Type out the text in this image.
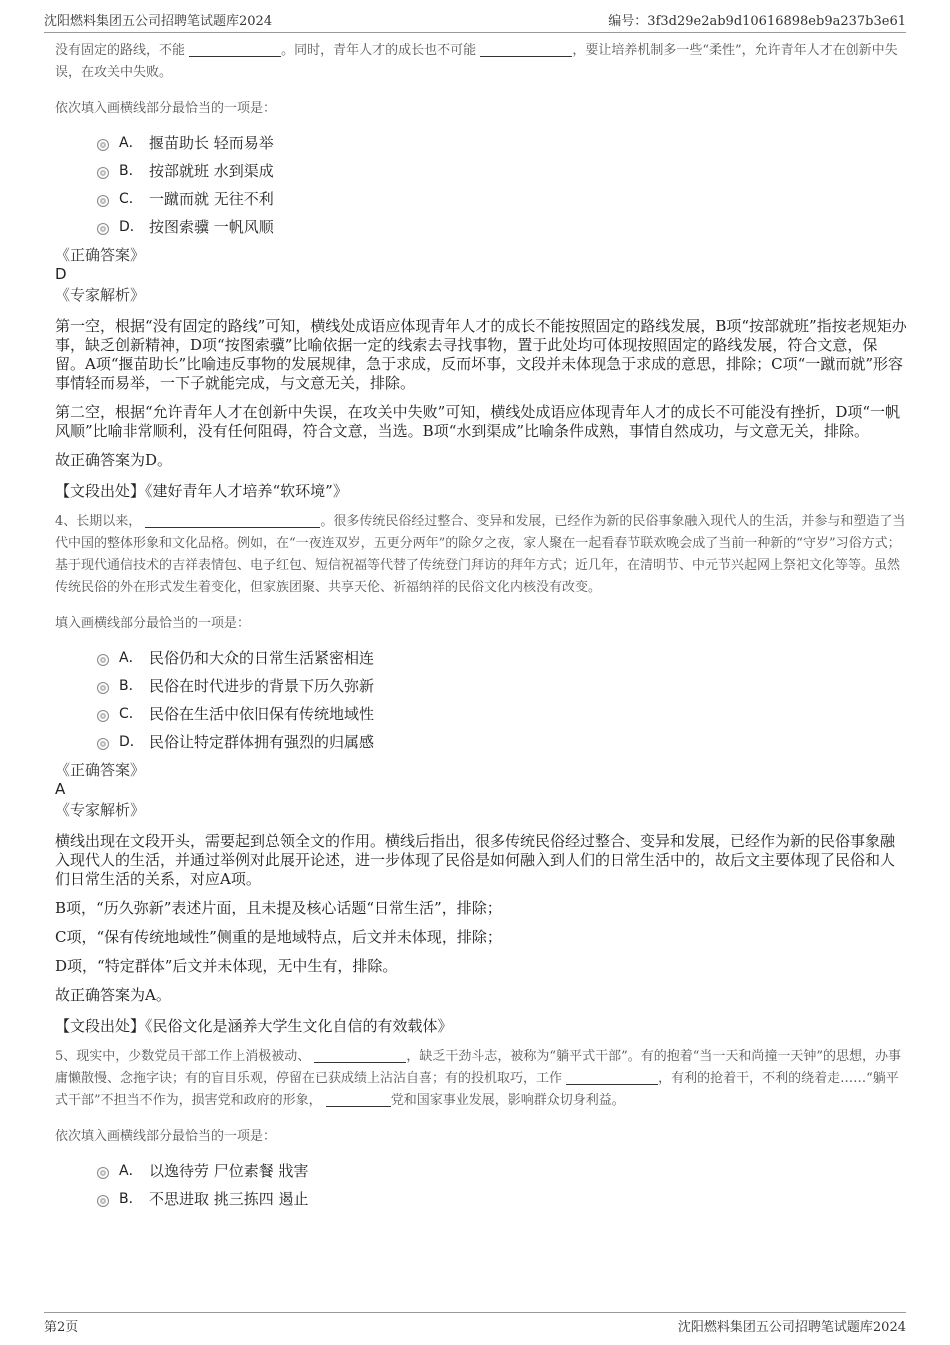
沈阳燃料集团五公司招聘笔试题库2024	编号：3f3d29e2ab9d10616898eb9a237b3e61

没有固定的路线，不能	。同时，青年人才的成长也不可能	，要让培养机制多一些“柔性”，允许青年人才在创新中失误，在攻关中失败。

依次填入画横线部分最恰当的一项是：

A． 揠苗助长 轻而易举
B． 按部就班 水到渠成
C． 一蹴而就 无往不利
D． 按图索骥 一帆风顺

《正确答案》

D

《专家解析》

第一空，根据“没有固定的路线”可知，横线处成语应体现青年人才的成长不能按照固定的路线发展，B项“按部就班”指按老规矩办事，缺乏创新精神，D项“按图索骥”比喻依据一定的线索去寻找事物，置于此处均可体现按照固定的路线发展，符合文意，保留。A项“揠苗助长”比喻违反事物的发展规律，急于求成，反而坏事，文段并未体现急于求成的意思，排除；C项“一蹴而就”形容事情轻而易举，一下子就能完成，与文意无关，排除。

第二空，根据“允许青年人才在创新中失误，在攻关中失败”可知，横线处成语应体现青年人才的成长不可能没有挫折，D项“一帆风顺”比喻非常顺利，没有任何阻碍，符合文意，当选。B项“水到渠成”比喻条件成熟，事情自然成功，与文意无关，排除。

故正确答案为D。

【文段出处】《建好青年人才培养“软环境”》

4、长期以来，	。很多传统民俗经过整合、变异和发展，已经作为新的民俗事象融入现代人的生活，并参与和塑造了当代中国的整体形象和文化品格。例如，在“一夜连双岁，五更分两年”的除夕之夜，家人聚在一起看春节联欢晚会成了当前一种新的“守岁”习俗方式；基于现代通信技术的吉祥表情包、电子红包、短信祝福等代替了传统登门拜访的拜年方式；近几年，在清明节、中元节兴起网上祭祀文化等等。虽然传统民俗的外在形式发生着变化，但家族团聚、共享天伦、祈福纳祥的民俗文化内核没有改变。

填入画横线部分最恰当的一项是：

A． 民俗仍和大众的日常生活紧密相连
B． 民俗在时代进步的背景下历久弥新
C． 民俗在生活中依旧保有传统地域性
D． 民俗让特定群体拥有强烈的归属感

《正确答案》

A

《专家解析》

横线出现在文段开头，需要起到总领全文的作用。横线后指出，很多传统民俗经过整合、变异和发展，已经作为新的民俗事象融入现代人的生活，并通过举例对此展开论述，进一步体现了民俗是如何融入到人们的日常生活中的，故后文主要体现了民俗和人们日常生活的关系，对应A项。

B项，“历久弥新”表述片面，且未提及核心话题“日常生活”，排除；

C项，“保有传统地域性”侧重的是地域特点，后文并未体现，排除；

D项，“特定群体”后文并未体现，无中生有，排除。

故正确答案为A。

【文段出处】《民俗文化是涵养大学生文化自信的有效载体》

5、现实中，少数党员干部工作上消极被动、	，缺乏干劲斗志，被称为“躺平式干部”。有的抱着“当一天和尚撞一天钟”的思想，办事庸懒散慢、念拖字诀；有的盲目乐观，停留在已获成绩上沾沾自喜；有的投机取巧，工作	，有利的抢着干，不利的绕着走……“躺平式干部”不担当不作为，损害党和政府的形象，	党和国家事业发展，影响群众切身利益。

依次填入画横线部分最恰当的一项是：

A． 以逸待劳 尸位素餐 戕害
B． 不思进取 挑三拣四 遏止
第2页	沈阳燃料集团五公司招聘笔试题库2024
